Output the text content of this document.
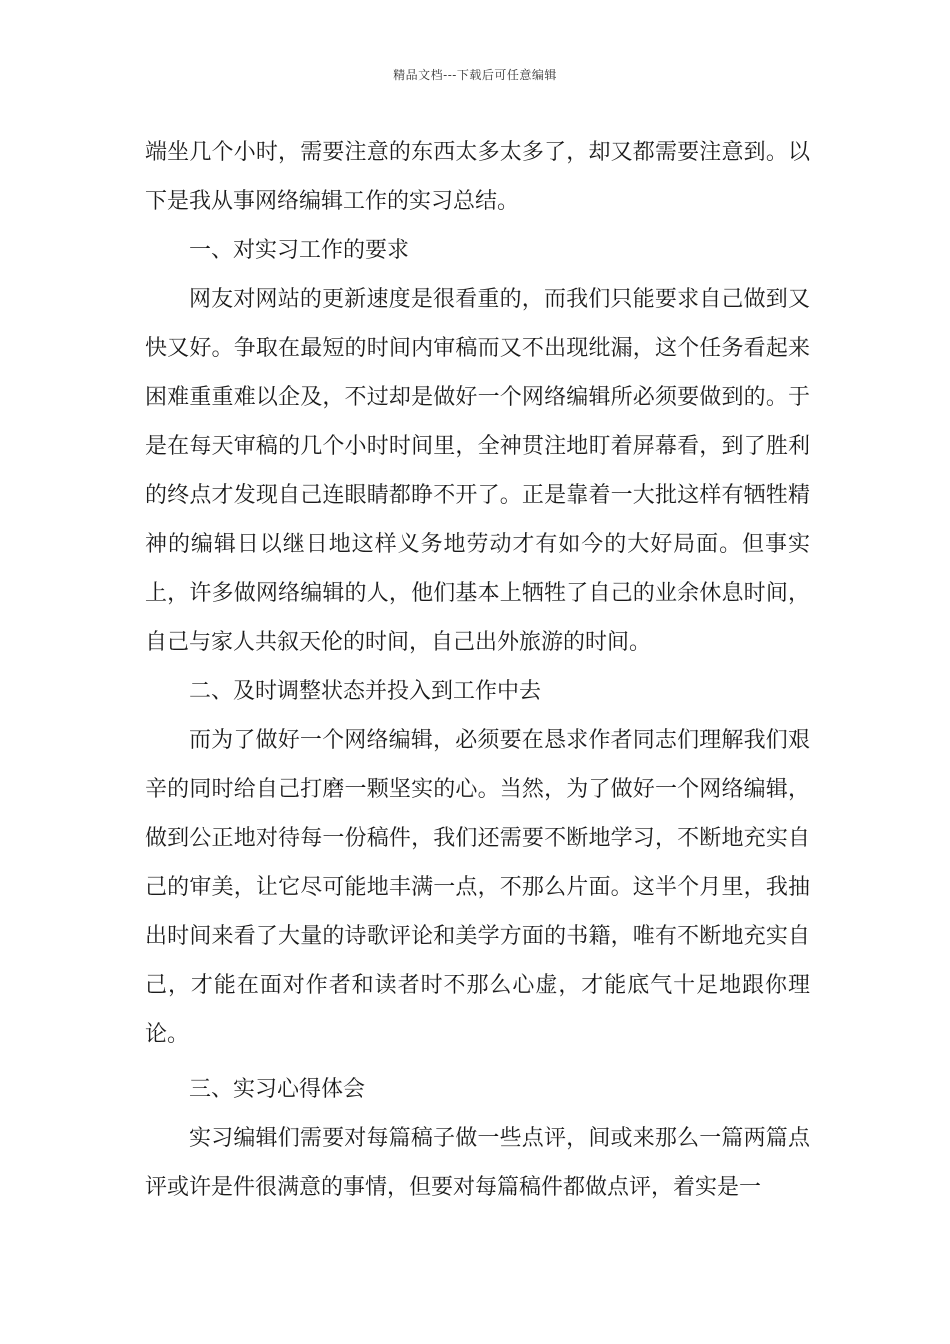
精品文档---下载后可任意编辑

端坐几个小时，需要注意的东西太多太多了，却又都需要注意到。以下是我从事网络编辑工作的实习总结。

一、对实习工作的要求

网友对网站的更新速度是很看重的，而我们只能要求自己做到又快又好。争取在最短的时间内审稿而又不出现纰漏，这个任务看起来困难重重难以企及，不过却是做好一个网络编辑所必须要做到的。于是在每天审稿的几个小时时间里，全神贯注地盯着屏幕看，到了胜利的终点才发现自己连眼睛都睁不开了。正是靠着一大批这样有牺牲精神的编辑日以继日地这样义务地劳动才有如今的大好局面。但事实上，许多做网络编辑的人，他们基本上牺牲了自己的业余休息时间，自己与家人共叙天伦的时间，自己出外旅游的时间。

二、及时调整状态并投入到工作中去

而为了做好一个网络编辑，必须要在恳求作者同志们理解我们艰辛的同时给自己打磨一颗坚实的心。当然，为了做好一个网络编辑，做到公正地对待每一份稿件，我们还需要不断地学习，不断地充实自己的审美，让它尽可能地丰满一点，不那么片面。这半个月里，我抽出时间来看了大量的诗歌评论和美学方面的书籍，唯有不断地充实自己，才能在面对作者和读者时不那么心虚，才能底气十足地跟你理论。

三、实习心得体会

实习编辑们需要对每篇稿子做一些点评，间或来那么一篇两篇点评或许是件很满意的事情，但要对每篇稿件都做点评，着实是一
